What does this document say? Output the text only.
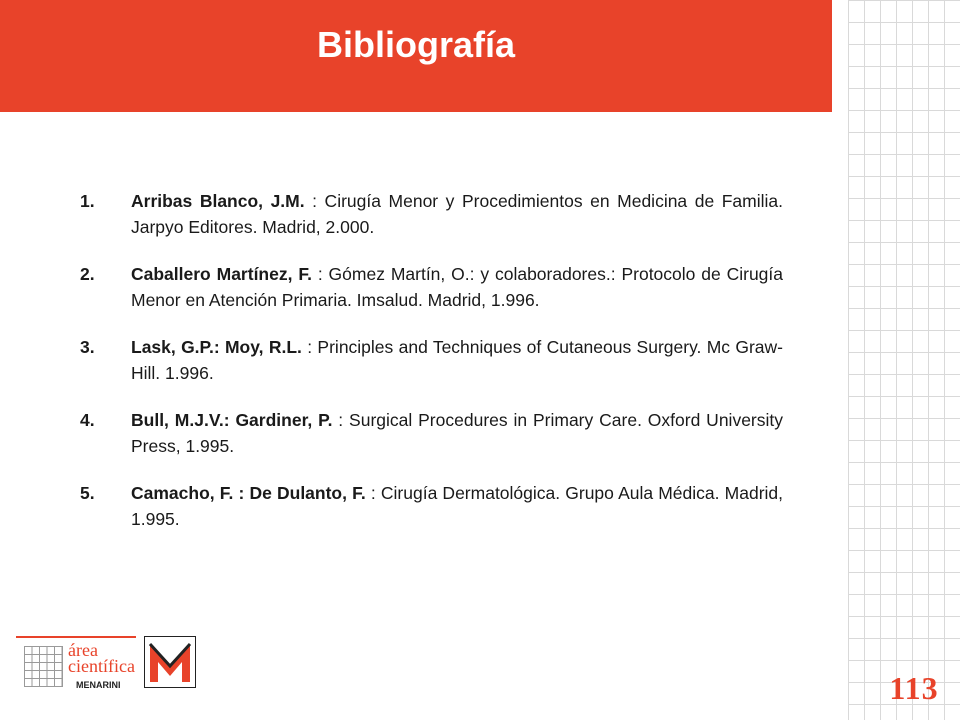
Bibliografía
1. Arribas Blanco, J.M. : Cirugía Menor y Procedimientos en Medicina de Familia. Jarpyo Editores. Madrid, 2.000.
2. Caballero Martínez, F. : Gómez Martín, O.: y colaboradores.: Protocolo de Cirugía Menor en Atención Primaria. Imsalud. Madrid, 1.996.
3. Lask, G.P.: Moy, R.L. : Principles and Techniques of Cutaneous Surgery. Mc Graw-Hill. 1.996.
4. Bull, M.J.V.: Gardiner, P. : Surgical Procedures in Primary Care. Oxford University Press, 1.995.
5. Camacho, F. : De Dulanto, F. : Cirugía Dermatológica. Grupo Aula Médica. Madrid, 1.995.
área
científica
MENARINI	113
